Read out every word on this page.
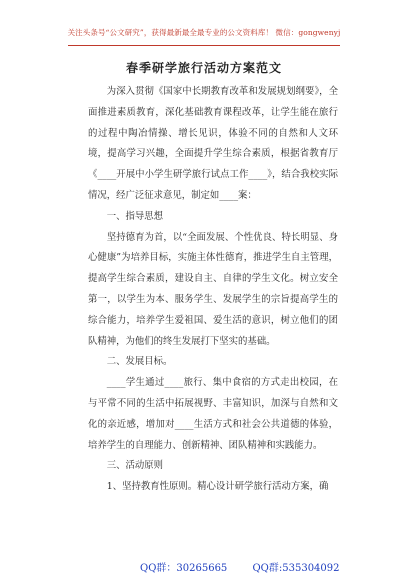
关注头条号“公文研究”，获得最新最全最专业的公文资料库！ 微信：gongwenyj
春季研学旅行活动方案范文

为深入贯彻《国家中长期教育改革和发展规划纲要》，全面推进素质教育，深化基础教育课程改革，让学生能在旅行的过程中陶冶情操、增长见识，体验不同的自然和人文环境，提高学习兴趣，全面提升学生综合素质，根据省教育厅《____开展中小学生研学旅行试点工作____》，结合我校实际情况，经广泛征求意见，制定如____案：

一、指导思想

坚持德育为首，以“全面发展、个性优良、特长明显、身心健康”为培养目标，实施主体性德育，推进学生自主管理，提高学生综合素质，建设自主、自律的学生文化。树立安全第一，以学生为本、服务学生、发展学生的宗旨提高学生的综合能力，培养学生爱祖国、爱生活的意识，树立他们的团队精神，为他们的终生发展打下坚实的基础。

二、发展目标。

____学生通过____旅行、集中食宿的方式走出校园，在与平常不同的生活中拓展视野、丰富知识，加深与自然和文化的亲近感，增加对____生活方式和社会公共道德的体验，培养学生的自理能力、创新精神、团队精神和实践能力。

三、活动原则

1、坚持教育性原则。精心设计研学旅行活动方案，确

QQ群：30265665	QQ群:535304092
